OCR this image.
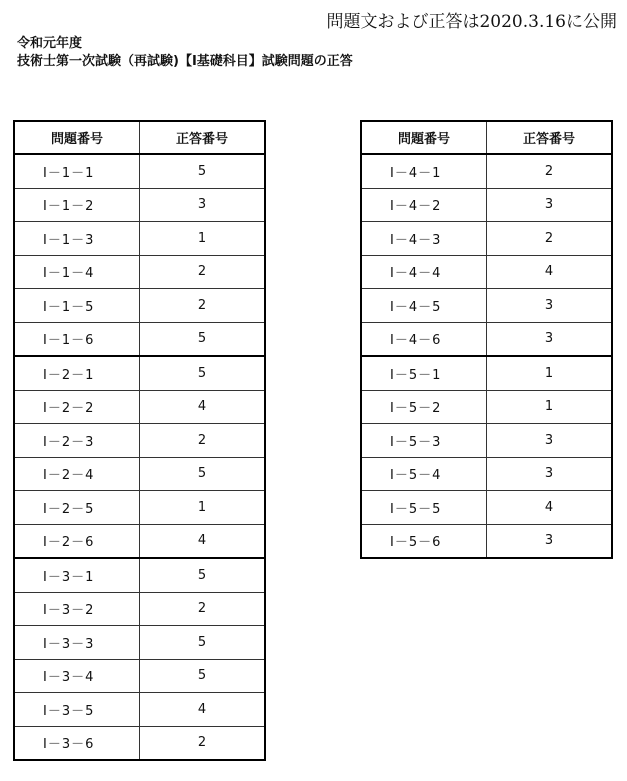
問題文および正答は2020.3.16に公開
令和元年度
技術士第一次試験（再試験)【Ⅰ基礎科目】試験問題の正答
問題番号	正答番号
Ⅰ－1－1	5
Ⅰ－1－2	3
Ⅰ－1－3	1
Ⅰ－1－4	2
Ⅰ－1－5	2
Ⅰ－1－6	5
Ⅰ－2－1	5
Ⅰ－2－2	4
Ⅰ－2－3	2
Ⅰ－2－4	5
Ⅰ－2－5	1
Ⅰ－2－6	4
Ⅰ－3－1	5
Ⅰ－3－2	2
Ⅰ－3－3	5
Ⅰ－3－4	5
Ⅰ－3－5	4
Ⅰ－3－6	2
問題番号	正答番号
Ⅰ－4－1	2
Ⅰ－4－2	3
Ⅰ－4－3	2
Ⅰ－4－4	4
Ⅰ－4－5	3
Ⅰ－4－6	3
Ⅰ－5－1	1
Ⅰ－5－2	1
Ⅰ－5－3	3
Ⅰ－5－4	3
Ⅰ－5－5	4
Ⅰ－5－6	3
